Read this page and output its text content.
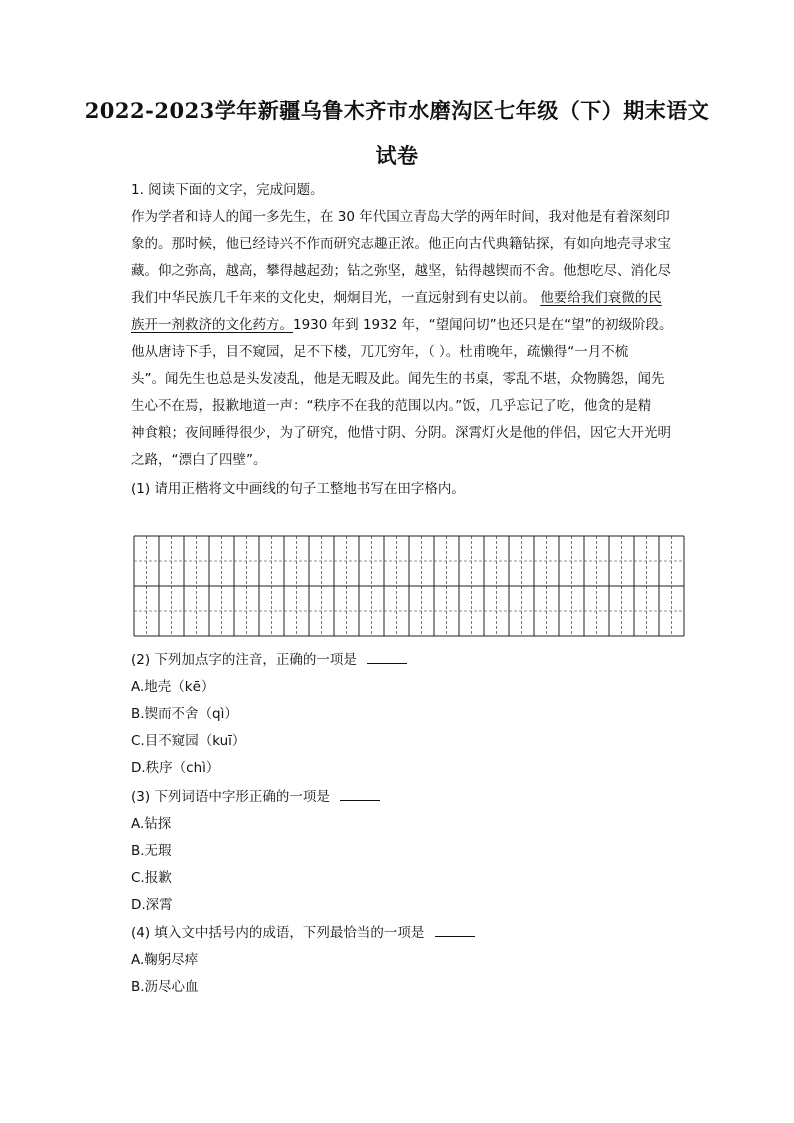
2022-2023学年新疆乌鲁木齐市水磨沟区七年级（下）期末语文
试卷
1. 阅读下面的文字，完成问题。
作为学者和诗人的闻一多先生，在 30 年代国立青岛大学的两年时间，我对他是有着深刻印
象的。那时候，他已经诗兴不作而研究志趣正浓。他正向古代典籍钻探，有如向地壳寻求宝
藏。仰之弥高，越高，攀得越起劲；钻之弥坚，越坚，钻得越锲而不舍。他想吃尽、消化尽
我们中华民族几千年来的文化史，炯炯目光，一直远射到有史以前。 他要给我们衰微的民
族开一剂救济的文化药方。1930 年到 1932 年，“望闻问切”也还只是在“望”的初级阶段。
他从唐诗下手，目不窥园，足不下楼，兀兀穷年，（ ）。杜甫晚年，疏懒得“一月不梳
头”。闻先生也总是头发凌乱，他是无暇及此。闻先生的书桌，零乱不堪，众物腾怨，闻先
生心不在焉，报歉地道一声：“秩序不在我的范围以内。”饭，几乎忘记了吃，他贪的是精
神食粮；夜间睡得很少，为了研究，他惜寸阴、分阴。深霄灯火是他的伴侣，因它大开光明
之路，“漂白了四壁”。
(1) 请用正楷将文中画线的句子工整地书写在田字格内。
(2) 下列加点字的注音，正确的一项是
A.地壳（kē）
B.锲而不舍（qì）
C.目不窥园（kuī）
D.秩序（chì）
(3) 下列词语中字形正确的一项是
A.钻探
B.无瑕
C.报歉
D.深霄
(4) 填入文中括号内的成语，下列最恰当的一项是
A.鞠躬尽瘁
B.沥尽心血
